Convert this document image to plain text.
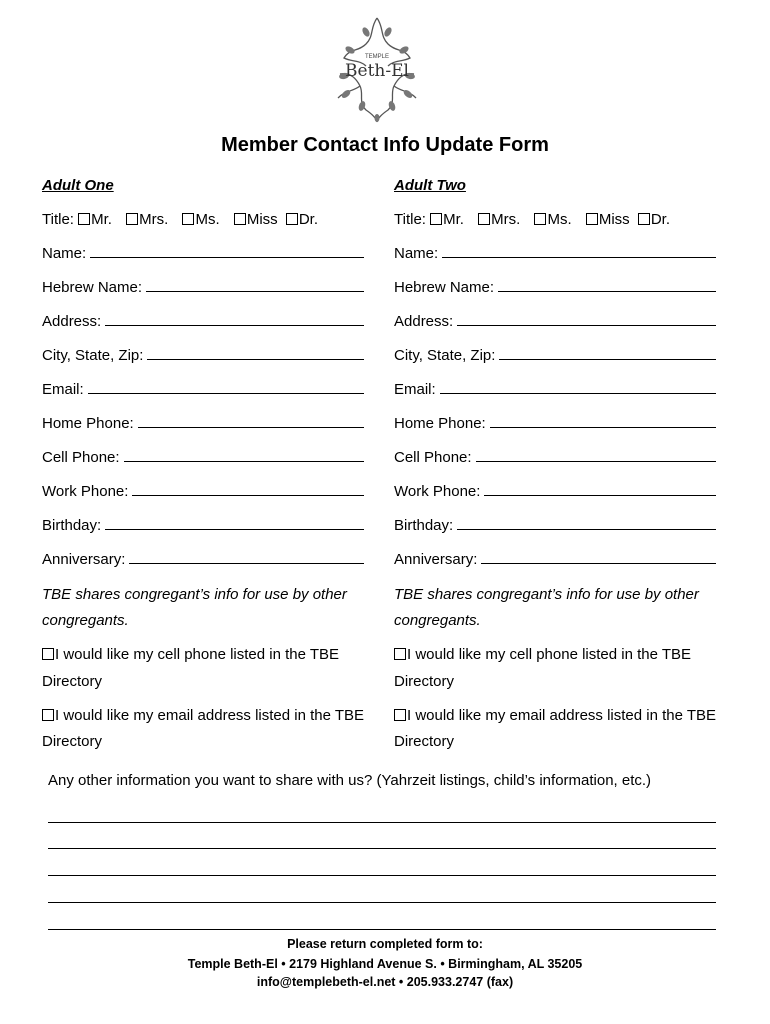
TEMPLE
Beth-El
Member Contact Info Update Form
Adult One	Adult Two
Title: Mr. Mrs. Ms. Miss Dr.	Title: Mr. Mrs. Ms. Miss Dr.
Name:
Hebrew Name:
Address:
City, State, Zip:
Email:
Home Phone:
Cell Phone:
Work Phone:
Birthday:
Anniversary:
Name:
Hebrew Name:
Address:
City, State, Zip:
Email:
Home Phone:
Cell Phone:
Work Phone:
Birthday:
Anniversary:
TBE shares congregant’s info for use by other
congregants.
I would like my cell phone listed in the TBE
Directory
I would like my email address listed in the TBE
Directory
TBE shares congregant’s info for use by other
congregants.
I would like my cell phone listed in the TBE
Directory
I would like my email address listed in the TBE
Directory
Any other information you want to share with us? (Yahrzeit listings, child’s information, etc.)
Please return completed form to:
Temple Beth-El • 2179 Highland Avenue S. • Birmingham, AL 35205
info@templebeth-el.net • 205.933.2747 (fax)
